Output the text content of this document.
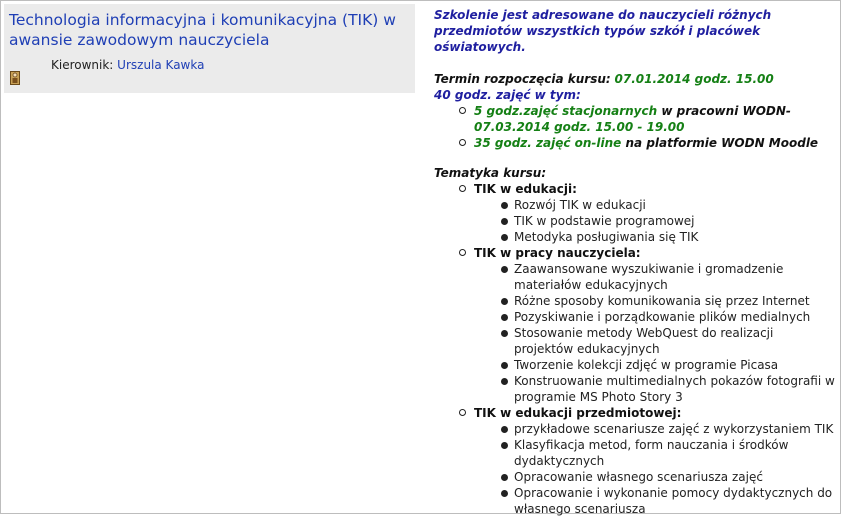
Technologia informacyjna i komunikacyjna (TIK) w awansie zawodowym nauczyciela
Kierownik: Urszula Kawka
Szkolenie jest adresowane do nauczycieli różnych przedmiotów wszystkich typów szkół i placówek oświatowych.
Termin rozpoczęcia kursu: 07.01.2014 godz. 15.00
40 godz. zajęć w tym:
5 godz.zajęć stacjonarnych w pracowni WODN- 07.03.2014 godz. 15.00 - 19.00
35 godz. zajęć on-line na platformie WODN Moodle
Tematyka kursu:
TIK w edukacji:
Rozwój TIK w edukacji
TIK w podstawie programowej
Metodyka posługiwania się TIK
TIK w pracy nauczyciela:
Zaawansowane wyszukiwanie i gromadzenie materiałów edukacyjnych
Różne sposoby komunikowania się przez Internet
Pozyskiwanie i porządkowanie plików medialnych
Stosowanie metody WebQuest do realizacji projektów edukacyjnych
Tworzenie kolekcji zdjęć w programie Picasa
Konstruowanie multimedialnych pokazów fotografii w programie MS Photo Story 3
TIK w edukacji przedmiotowej:
przykładowe scenariusze zajęć z wykorzystaniem TIK
Klasyfikacja metod, form nauczania i środków dydaktycznych
Opracowanie własnego scenariusza zajęć
Opracowanie i wykonanie pomocy dydaktycznych do własnego scenariusza
